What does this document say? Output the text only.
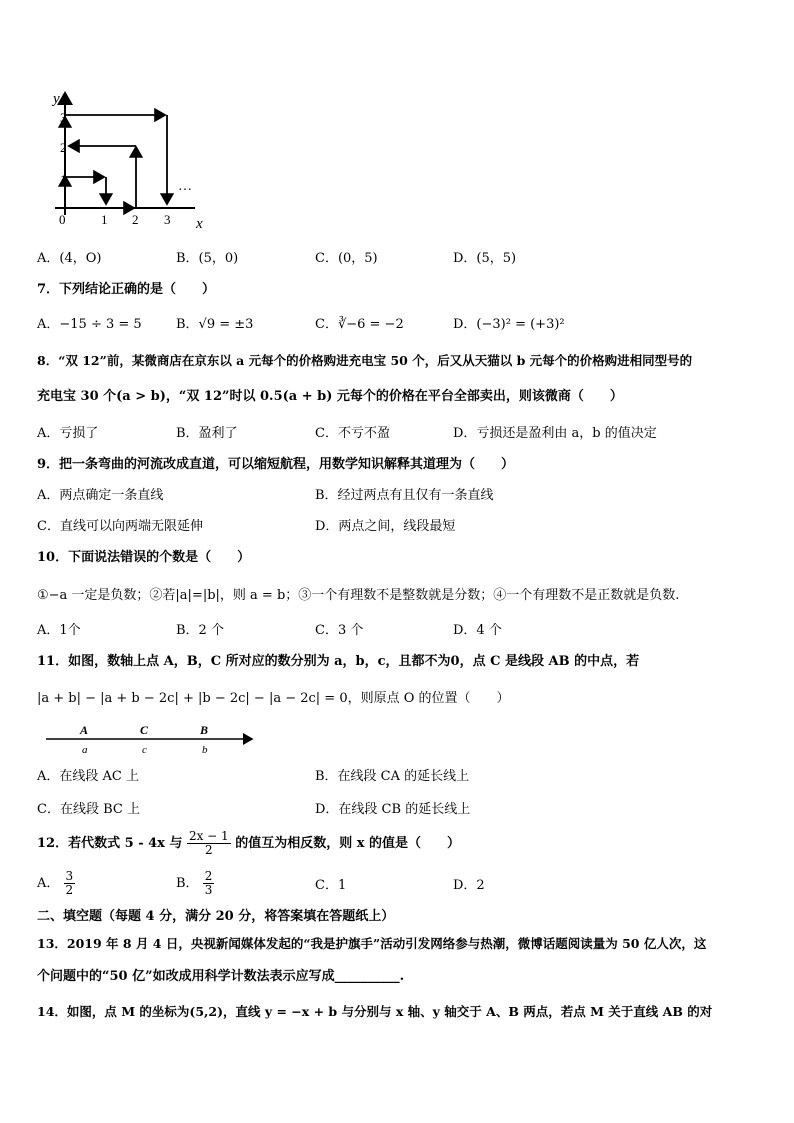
y
x
0
1
2
3
1 2 3
…
A．(4，O)	B．(5，0)	C．(0，5)	D．(5，5)
7．下列结论正确的是（　　）
A．−15 ÷ 3 = 5	B．√9 = ±3	C．∛−6 = −2	D．(−3)² = (+3)²
8．“双 12”前，某微商店在京东以 a 元每个的价格购进充电宝 50 个，后又从天猫以 b 元每个的价格购进相同型号的
充电宝 30 个(a > b)，“双 12”时以 0.5(a + b) 元每个的价格在平台全部卖出，则该微商（　　）
A．亏损了	B．盈利了	C．不亏不盈	D．亏损还是盈利由 a，b 的值决定
9．把一条弯曲的河流改成直道，可以缩短航程，用数学知识解释其道理为（　　）
A．两点确定一条直线	B．经过两点有且仅有一条直线
C．直线可以向两端无限延伸	D．两点之间，线段最短
10．下面说法错误的个数是（　　）
①−a 一定是负数；②若|a|=|b|，则 a = b；③一个有理数不是整数就是分数；④一个有理数不是正数就是负数.
A．1个	B．2 个	C．3 个	D．4 个
11．如图，数轴上点 A，B，C 所对应的数分别为 a，b，c，且都不为0，点 C 是线段 AB 的中点，若
|a + b| − |a + b − 2c| + |b − 2c| − |a − 2c| = 0，则原点 O 的位置（　　）
A	C	B
a	c	b
A．在线段 AC 上	B．在线段 CA 的延长线上
C．在线段 BC 上	D．在线段 CB 的延长线上
12．若代数式 5 - 4x 与 $\frac{2x - 1}{2}$ 的值互为相反数，则 x 的值是（　　）
A． $\frac{3}{2}$	B． $\frac{2}{3}$	C．1	D．2
二、填空题（每题 4 分，满分 20 分，将答案填在答题纸上）
13．2019 年 8 月 4 日，央视新闻媒体发起的“我是护旗手”活动引发网络参与热潮，微博话题阅读量为 50 亿人次，这
个问题中的“50 亿”如改成用科学计数法表示应写成__________.
14．如图，点 M 的坐标为(5,2)，直线 y = −x + b 与分别与 x 轴、y 轴交于 A、B 两点，若点 M 关于直线 AB 的对
